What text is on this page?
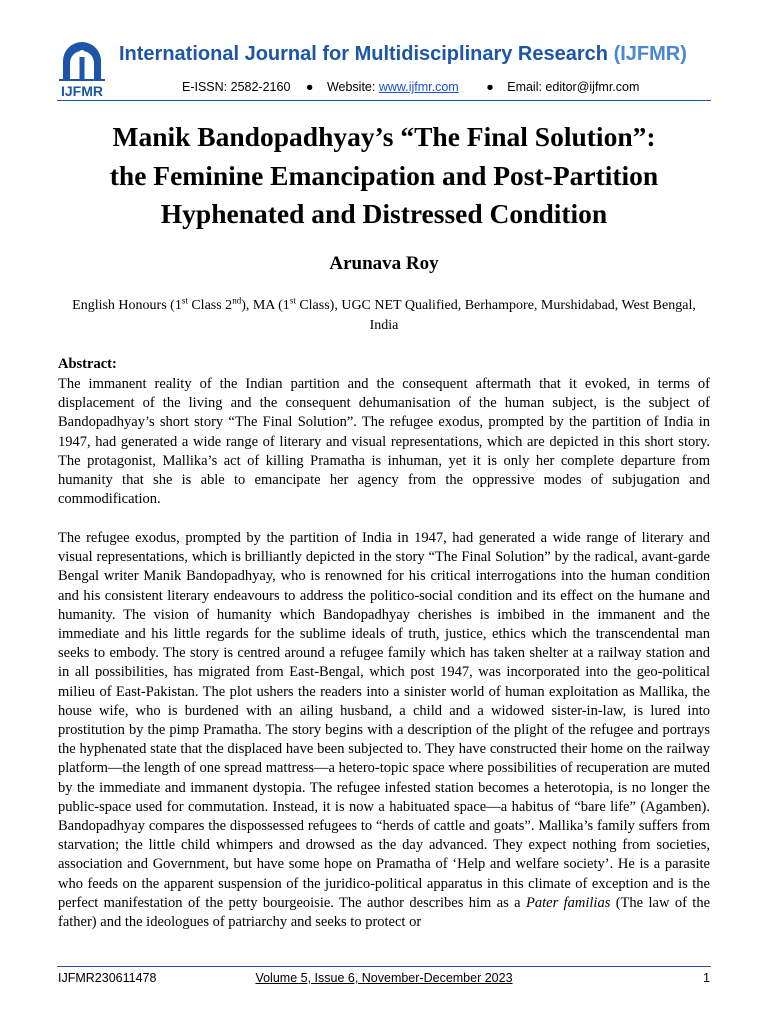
IJFMR
International Journal for Multidisciplinary Research (IJFMR)
E-ISSN: 2582-2160 ● Website: www.ijfmr.com ● Email: editor@ijfmr.com
Manik Bandopadhyay’s “The Final Solution”:
the Feminine Emancipation and Post-Partition
Hyphenated and Distressed Condition
Arunava Roy
English Honours (1st Class 2nd), MA (1st Class), UGC NET Qualified, Berhampore, Murshidabad, West Bengal, India
Abstract:

The immanent reality of the Indian partition and the consequent aftermath that it evoked, in terms of displacement of the living and the consequent dehumanisation of the human subject, is the subject of Bandopadhyay’s short story “The Final Solution”. The refugee exodus, prompted by the partition of India in 1947, had generated a wide range of literary and visual representations, which are depicted in this short story. The protagonist, Mallika’s act of killing Pramatha is inhuman, yet it is only her complete departure from humanity that she is able to emancipate her agency from the oppressive modes of subjugation and commodification.

The refugee exodus, prompted by the partition of India in 1947, had generated a wide range of literary and visual representations, which is brilliantly depicted in the story “The Final Solution” by the radical, avant-garde Bengal writer Manik Bandopadhyay, who is renowned for his critical interrogations into the human condition and his consistent literary endeavours to address the politico-social condition and its effect on the humane and humanity. The vision of humanity which Bandopadhyay cherishes is imbibed in the immanent and the immediate and his little regards for the sublime ideals of truth, justice, ethics which the transcendental man seeks to embody. The story is centred around a refugee family which has taken shelter at a railway station and in all possibilities, has migrated from East-Bengal, which post 1947, was incorporated into the geo-political milieu of East-Pakistan. The plot ushers the readers into a sinister world of human exploitation as Mallika, the house wife, who is burdened with an ailing husband, a child and a widowed sister-in-law, is lured into prostitution by the pimp Pramatha. The story begins with a description of the plight of the refugee and portrays the hyphenated state that the displaced have been subjected to. They have constructed their home on the railway platform—the length of one spread mattress—a hetero-topic space where possibilities of recuperation are muted by the immediate and immanent dystopia. The refugee infested station becomes a heterotopia, is no longer the public-space used for commutation. Instead, it is now a habituated space—a habitus of “bare life” (Agamben). Bandopadhyay compares the dispossessed refugees to “herds of cattle and goats”. Mallika’s family suffers from starvation; the little child whimpers and drowsed as the day advanced. They expect nothing from societies, association and Government, but have some hope on Pramatha of ‘Help and welfare society’. He is a parasite who feeds on the apparent suspension of the juridico-political apparatus in this climate of exception and is the perfect manifestation of the petty bourgeoisie. The author describes him as a Pater familias (The law of the father) and the ideologues of patriarchy and seeks to protect or

IJFMR230611478	Volume 5, Issue 6, November-December 2023	1
